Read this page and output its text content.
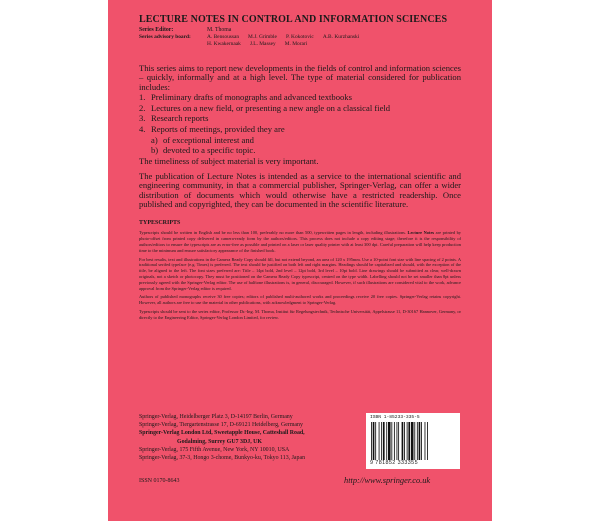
LECTURE NOTES IN CONTROL AND INFORMATION SCIENCES
Series Editor:	M. Thoma
Series advisory board:	A. Bensoussan M.J. Grimble P. Kokotovic A.B. Kurzhanski
H. Kwakernaak J.L. Massey M. Morari
This series aims to report new developments in the fields of control and information sciences – quickly, informally and at a high level. The type of material considered for publication includes:
1. Preliminary drafts of monographs and advanced textbooks
2. Lectures on a new field, or presenting a new angle on a classical field
3. Research reports
4. Reports of meetings, provided they are
a) of exceptional interest and
b) devoted to a specific topic.
The timeliness of subject material is very important.
The publication of Lecture Notes is intended as a service to the international scientific and engineering community, in that a commercial publisher, Springer-Verlag, can offer a wider distribution of documents which would otherwise have a restricted readership. Once published and copyrighted, they can be documented in the scientific literature.
TYPESCRIPTS
Typescripts should be written in English and be no less than 100, preferably no more than 500, typewritten pages in length, including illustrations. Lecture Notes are printed by photo-offset from printed copy delivered in camera-ready form by the authors/editors. This process does not include a copy editing stage; therefore it is the responsibility of authors/editors to ensure the typescripts are as error-free as possible and printed on a laser or laser quality printer with at least 300 dpi. Careful preparation will help keep production time to the minimum and ensure satisfactory appearance of the finished book.
For best results, text and illustrations in the Camera Ready Copy should fill, but not extend beyond, an area of 120 x 195mm. Use a 10-point font size with line spacing of 2 points. A traditional serifed typeface (e.g. Times) is preferred. The text should be justified on both left and right margins. Headings should be capitalized and should, with the exception of the title, be aligned to the left. The font sizes preferred are: Title – 14pt bold, 2nd level – 12pt bold, 3rd level – 10pt bold. Line drawings should be submitted as clear, well-drawn originals, not a sketch or photocopy. They must be positioned on the Camera Ready Copy typescript, centred on the type width. Labelling should not be set smaller than 8pt unless previously agreed with the Springer-Verlag editor. The use of halftone illustrations is, in general, discouraged. However, if such illustrations are considered vital to the work, advance approval from the Springer-Verlag editor is required.
Authors of published monographs receive 30 free copies; editors of published multi-authored works and proceedings receive 20 free copies. Springer-Verlag retains copyright. However, all authors are free to use the material in other publications, with acknowledgment to Springer-Verlag.
Typescripts should be sent to the series editor, Professor Dr.-Ing. M. Thoma, Institut für Regelungstechnik, Technische Universität, Appelstrasse 11, D-30167 Hannover, Germany, or directly to the Engineering Editor, Springer-Verlag London Limited, for review.
Springer-Verlag, Heidelberger Platz 3, D-14197 Berlin, Germany
Springer-Verlag, Tiergartenstrasse 17, D-69121 Heidelberg, Germany
Springer-Verlag London Ltd, Sweetapple House, Catteshall Road,
Godalming, Surrey GU7 3DJ, UK
Springer-Verlag, 175 Fifth Avenue, New York, NY 10010, USA
Springer-Verlag, 37-3, Hongo 3-chome, Bunkyo-ku, Tokyo 113, Japan
ISBN 1-85233-335-5
9 781852 333355
ISSN 0170-8643	http://www.springer.co.uk
